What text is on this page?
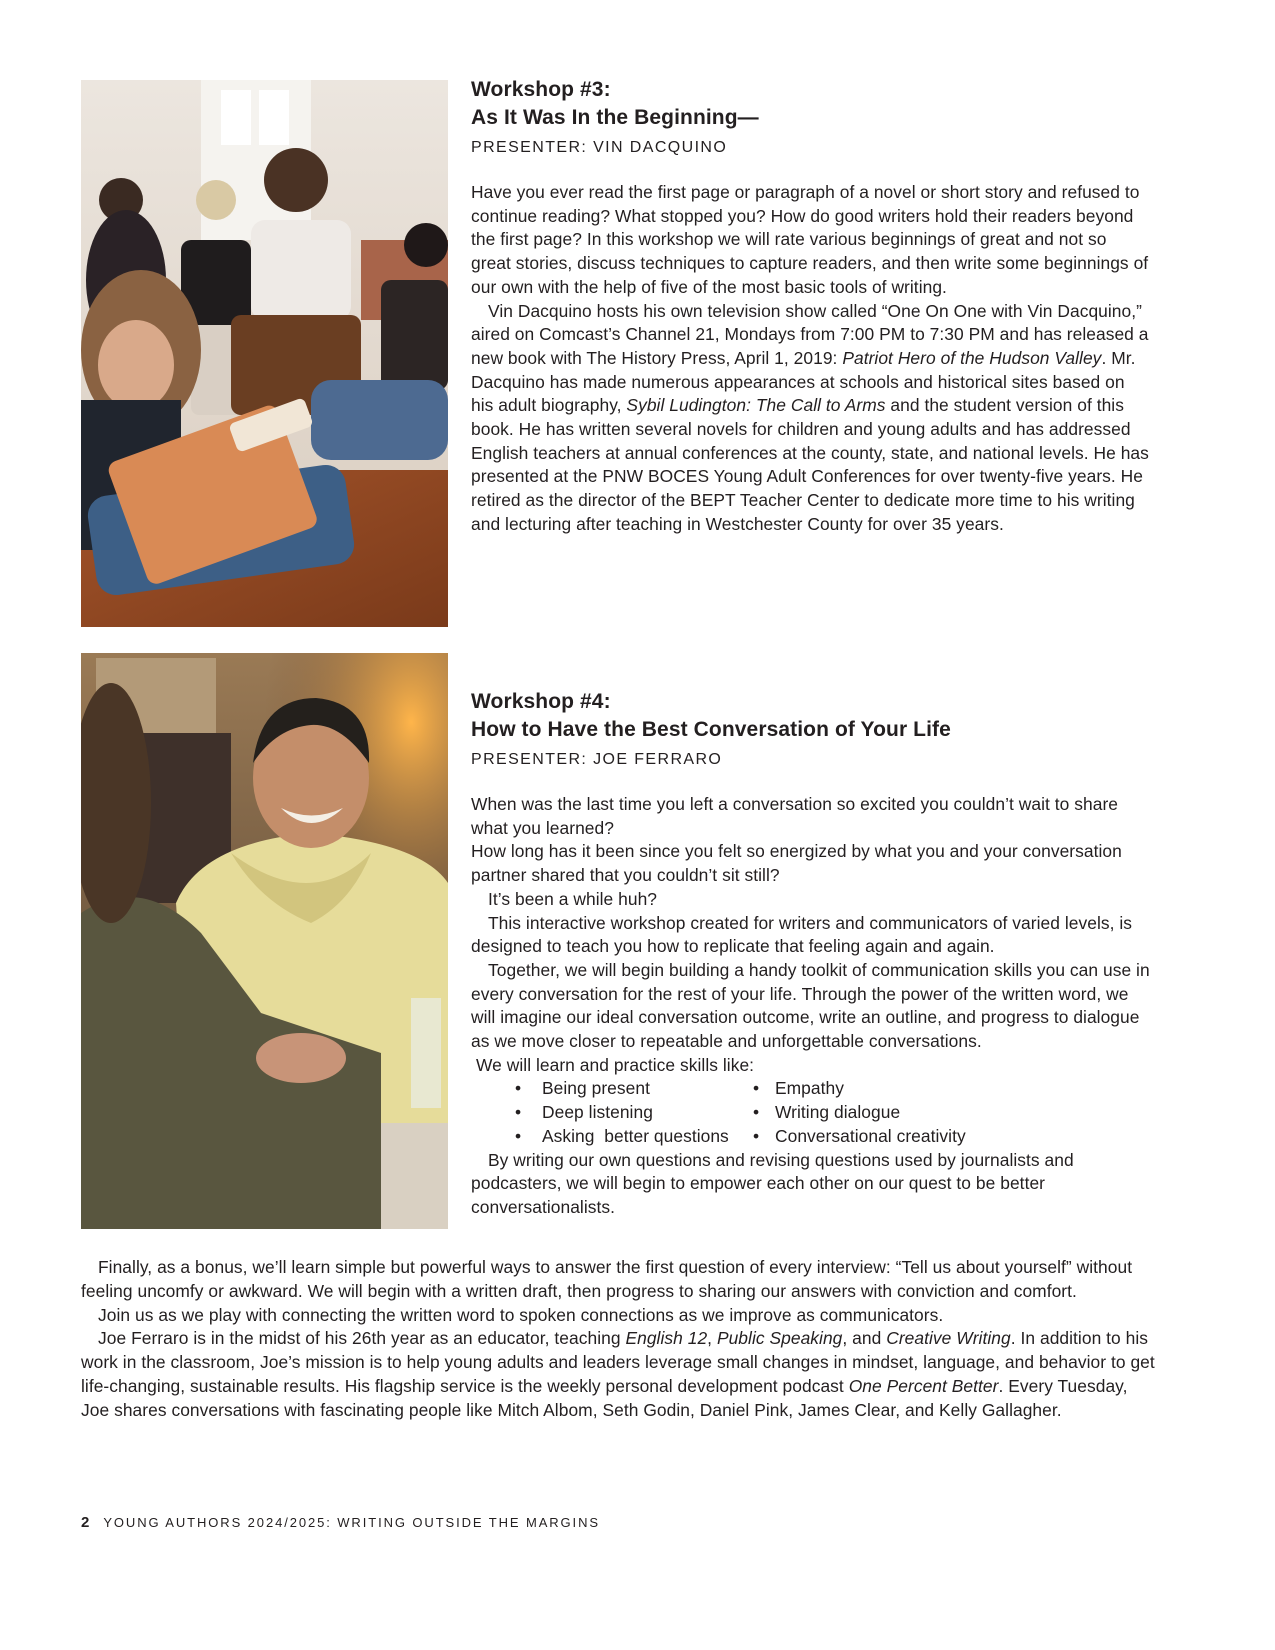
Workshop #3:
As It Was In the Beginning—
PRESENTER: VIN DACQUINO

Have you ever read the first page or paragraph of a novel or short story and refused to continue reading? What stopped you? How do good writers hold their readers beyond the first page? In this workshop we will rate various beginnings of great and not so great stories, discuss techniques to capture readers, and then write some beginnings of our own with the help of five of the most basic tools of writing.

Vin Dacquino hosts his own television show called “One On One with Vin Dacquino,” aired on Comcast’s Channel 21, Mondays from 7:00 PM to 7:30 PM and has released a new book with The History Press, April 1, 2019: Patriot Hero of the Hudson Valley. Mr. Dacquino has made numerous appearances at schools and historical sites based on his adult biography, Sybil Ludington: The Call to Arms and the student version of this book. He has written several novels for children and young adults and has addressed English teachers at annual conferences at the county, state, and national levels. He has presented at the PNW BOCES Young Adult Conferences for over twenty-five years. He retired as the director of the BEPT Teacher Center to dedicate more time to his writing and lecturing after teaching in Westchester County for over 35 years.

Workshop #4:
How to Have the Best Conversation of Your Life
PRESENTER: JOE FERRARO

When was the last time you left a conversation so excited you couldn’t wait to share what you learned?

How long has it been since you felt so energized by what you and your conversation partner shared that you couldn’t sit still?

It’s been a while huh?

This interactive workshop created for writers and communicators of varied levels, is designed to teach you how to replicate that feeling again and again.

Together, we will begin building a handy toolkit of communication skills you can use in every conversation for the rest of your life. Through the power of the written word, we will imagine our ideal conversation outcome, write an outline, and progress to dialogue as we move closer to repeatable and unforgettable conversations.

We will learn and practice skills like:

•	Being present	• Empathy
•	Deep listening	• Writing dialogue
•	Asking  better questions • Conversational creativity

By writing our own questions and revising questions used by journalists and podcasters, we will begin to empower each other on our quest to be better conversationalists.

Finally, as a bonus, we’ll learn simple but powerful ways to answer the first question of every interview: “Tell us about yourself” without feeling uncomfy or awkward. We will begin with a written draft, then progress to sharing our answers with conviction and comfort.

Join us as we play with connecting the written word to spoken connections as we improve as communicators.

Joe Ferraro is in the midst of his 26th year as an educator, teaching English 12, Public Speaking, and Creative Writing. In addition to his work in the classroom, Joe’s mission is to help young adults and leaders leverage small changes in mindset, language, and behavior to get life-changing, sustainable results. His flagship service is the weekly personal development podcast One Percent Better. Every Tuesday, Joe shares conversations with fascinating people like Mitch Albom, Seth Godin, Daniel Pink, James Clear, and Kelly Gallagher.

2 YOUNG AUTHORS 2024/2025: WRITING OUTSIDE THE MARGINS
